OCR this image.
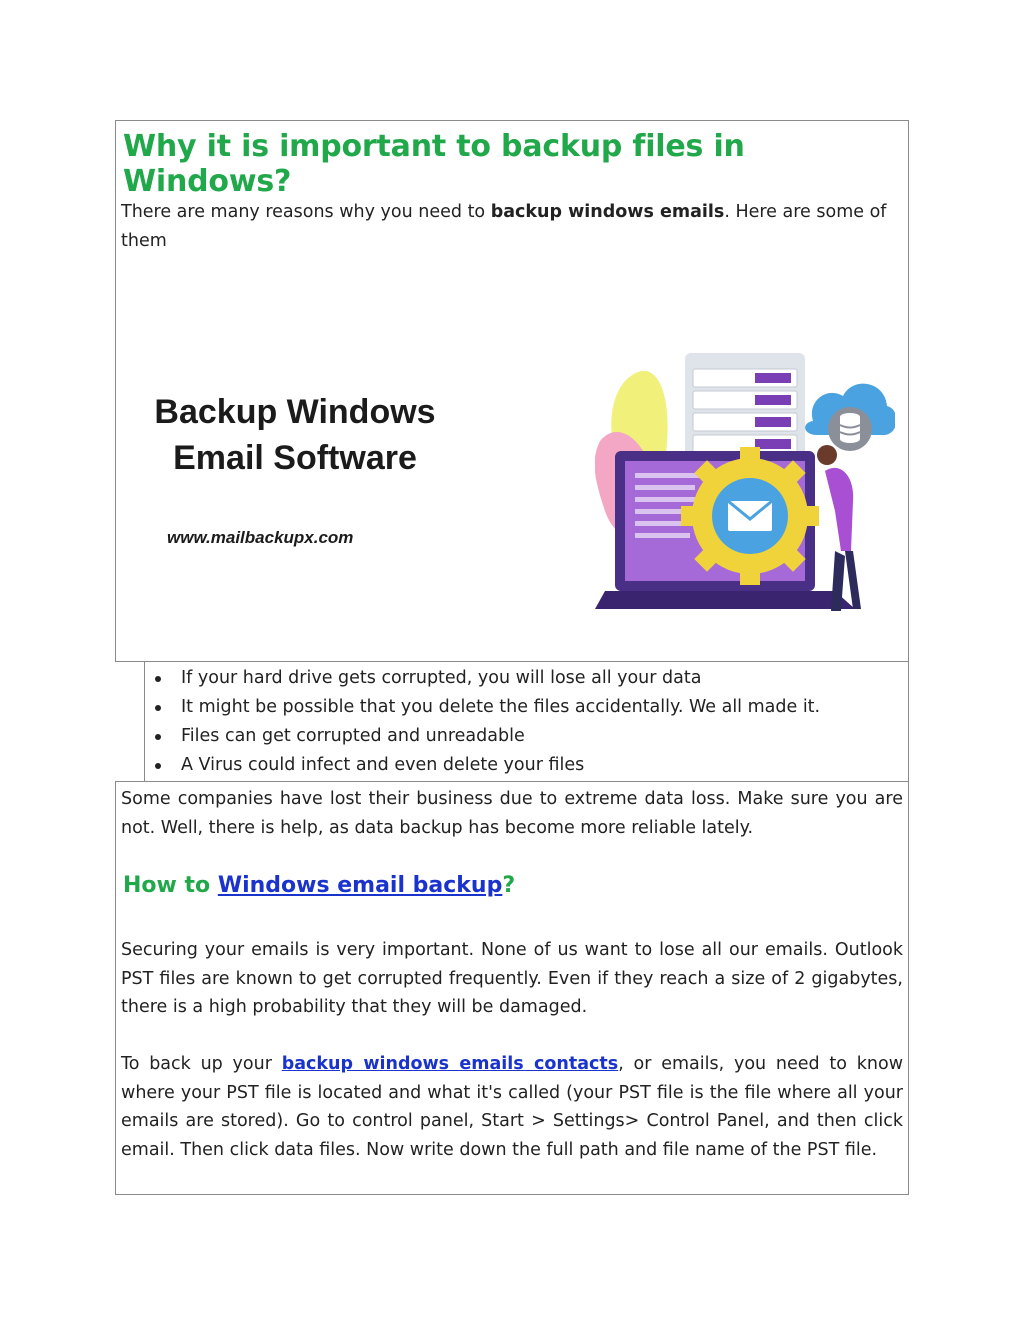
Why it is important to backup files in Windows?

There are many reasons why you need to backup windows emails. Here are some of them

Backup Windows
Email Software
www.mailbackupx.com
If your hard drive gets corrupted, you will lose all your data
It might be possible that you delete the files accidentally. We all made it.
Files can get corrupted and unreadable
A Virus could infect and even delete your files

Some companies have lost their business due to extreme data loss. Make sure you are not. Well, there is help, as data backup has become more reliable lately.

How to Windows email backup?

Securing your emails is very important. None of us want to lose all our emails. Outlook PST files are known to get corrupted frequently. Even if they reach a size of 2 gigabytes, there is a high probability that they will be damaged.

To back up your backup windows emails contacts, or emails, you need to know where your PST file is located and what it's called (your PST file is the file where all your emails are stored). Go to control panel, Start > Settings> Control Panel, and then click email. Then click data files. Now write down the full path and file name of the PST file.
